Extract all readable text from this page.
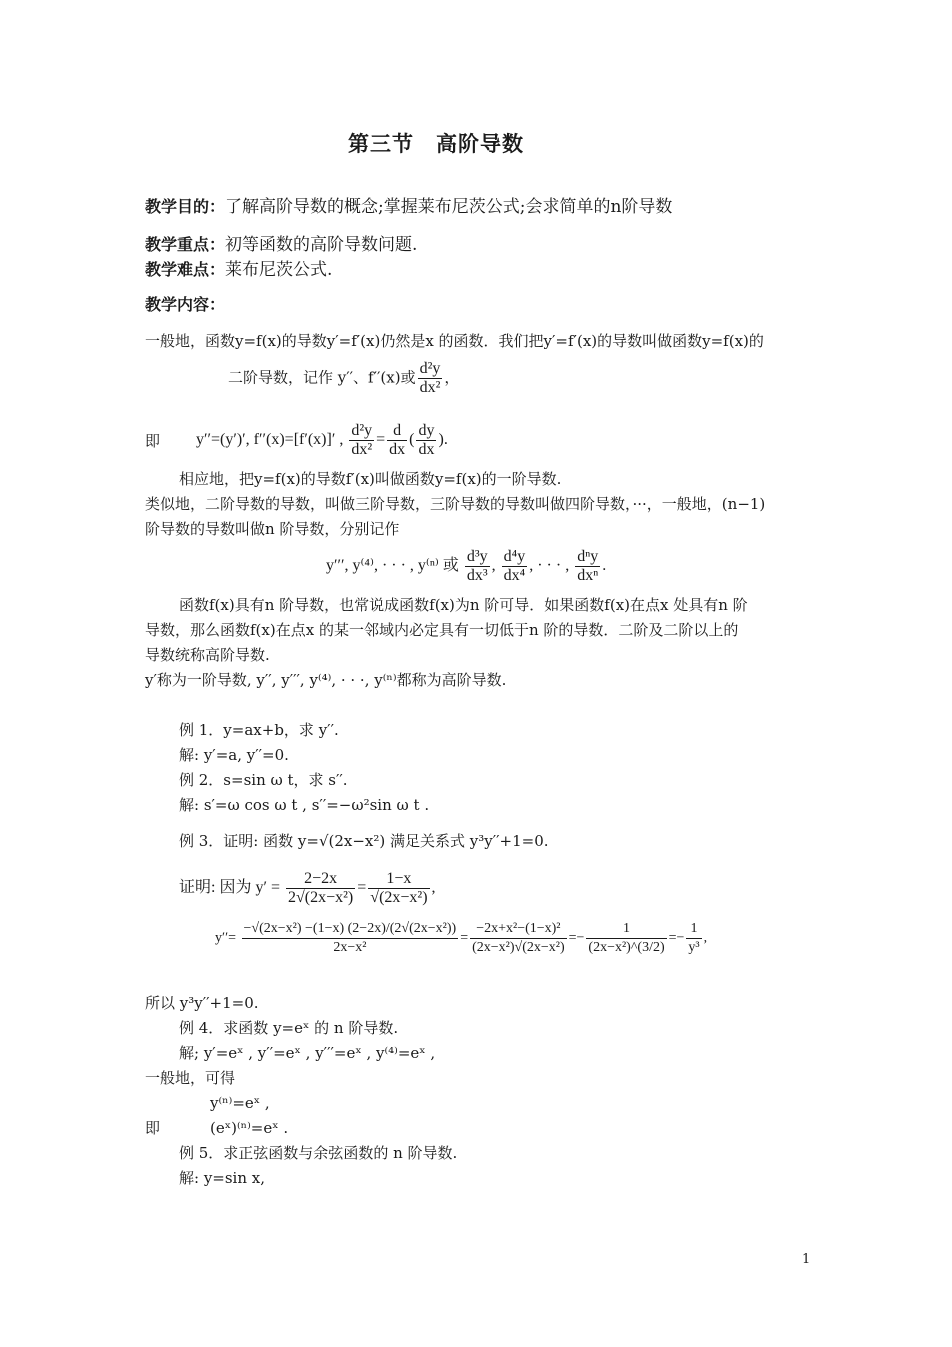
第三节　高阶导数
教学目的：了解高阶导数的概念;掌握莱布尼茨公式;会求简单的n阶导数
教学重点：初等函数的高阶导数问题.
教学难点：莱布尼茨公式.
教学内容：
一般地，函数y=f(x)的导数y′=f′(x)仍然是x 的函数．我们把y′=f′(x)的导数叫做函数y=f(x)的
二阶导数，记作 y′′、f′′(x)或 $\frac{\text{d²y}}{\text{dx²}}$ ，
即 y′′=(y′)′, f′′(x)=[f′(x)]′ , $\frac{\text{d²y}}{\text{dx²}} = \frac{d}{dx}$ ( $\frac{dy}{dx}$ ).
相应地，把y=f(x)的导数f′(x)叫做函数y=f(x)的一阶导数.
类似地，二阶导数的导数，叫做三阶导数，三阶导数的导数叫做四阶导数，···，一般地，(n−1)
阶导数的导数叫做n 阶导数，分别记作
y′′′, y⁽⁴⁾, · · · , y⁽ⁿ⁾ 或 $\frac{\text{d³y}}{\text{dx³}}$ , $\frac{\text{d⁴y}}{\text{dx⁴}}$ , · · · , $\frac{\text{dⁿy}}{\text{dxⁿ}}$ .
函数f(x)具有n 阶导数，也常说成函数f(x)为n 阶可导．如果函数f(x)在点x 处具有n 阶
导数，那么函数f(x)在点x 的某一邻域内必定具有一切低于n 阶的导数．二阶及二阶以上的
导数统称高阶导数.
y′称为一阶导数, y′′, y′′′, y⁽⁴⁾, · · ·, y⁽ⁿ⁾都称为高阶导数.
例 1．y=ax+b，求 y′′.
解: y′=a, y′′=0.
例 2．s=sin ω t，求 s′′.
解: s′=ω cos ω t , s′′=−ω²sin ω t .
例 3．证明: 函数 y=√(2x−x²) 满足关系式 y³y′′+1=0.
证明: 因为 $y' = \frac{2-2x}{\text{2√(2x−x²)}} = \frac{1-x}{\text{√(2x−x²)}}$ ,
$y''= \frac{\text{−√(2x−x²) −(1−x) (2−2x)/(2√(2x−x²))}}{\text{2x−x²}} = \frac{\text{−2x+x²−(1−x)²}}{\text{(2x−x²)√(2x−x²)}} =- \frac{1}{\text{(2x−x²)\textasciicircum{}(3/2)}} =- \frac{1}{\text{y³}}$ ,
所以 y³y′′+1=0.
例 4．求函数 y=eˣ 的 n 阶导数.
解; y′=eˣ , y′′=eˣ , y′′′=eˣ , y⁽⁴⁾=eˣ ,
一般地，可得
y⁽ⁿ⁾=eˣ ,
即	(eˣ)⁽ⁿ⁾=eˣ .
例 5．求正弦函数与余弦函数的 n 阶导数.
解: y=sin x,
1
